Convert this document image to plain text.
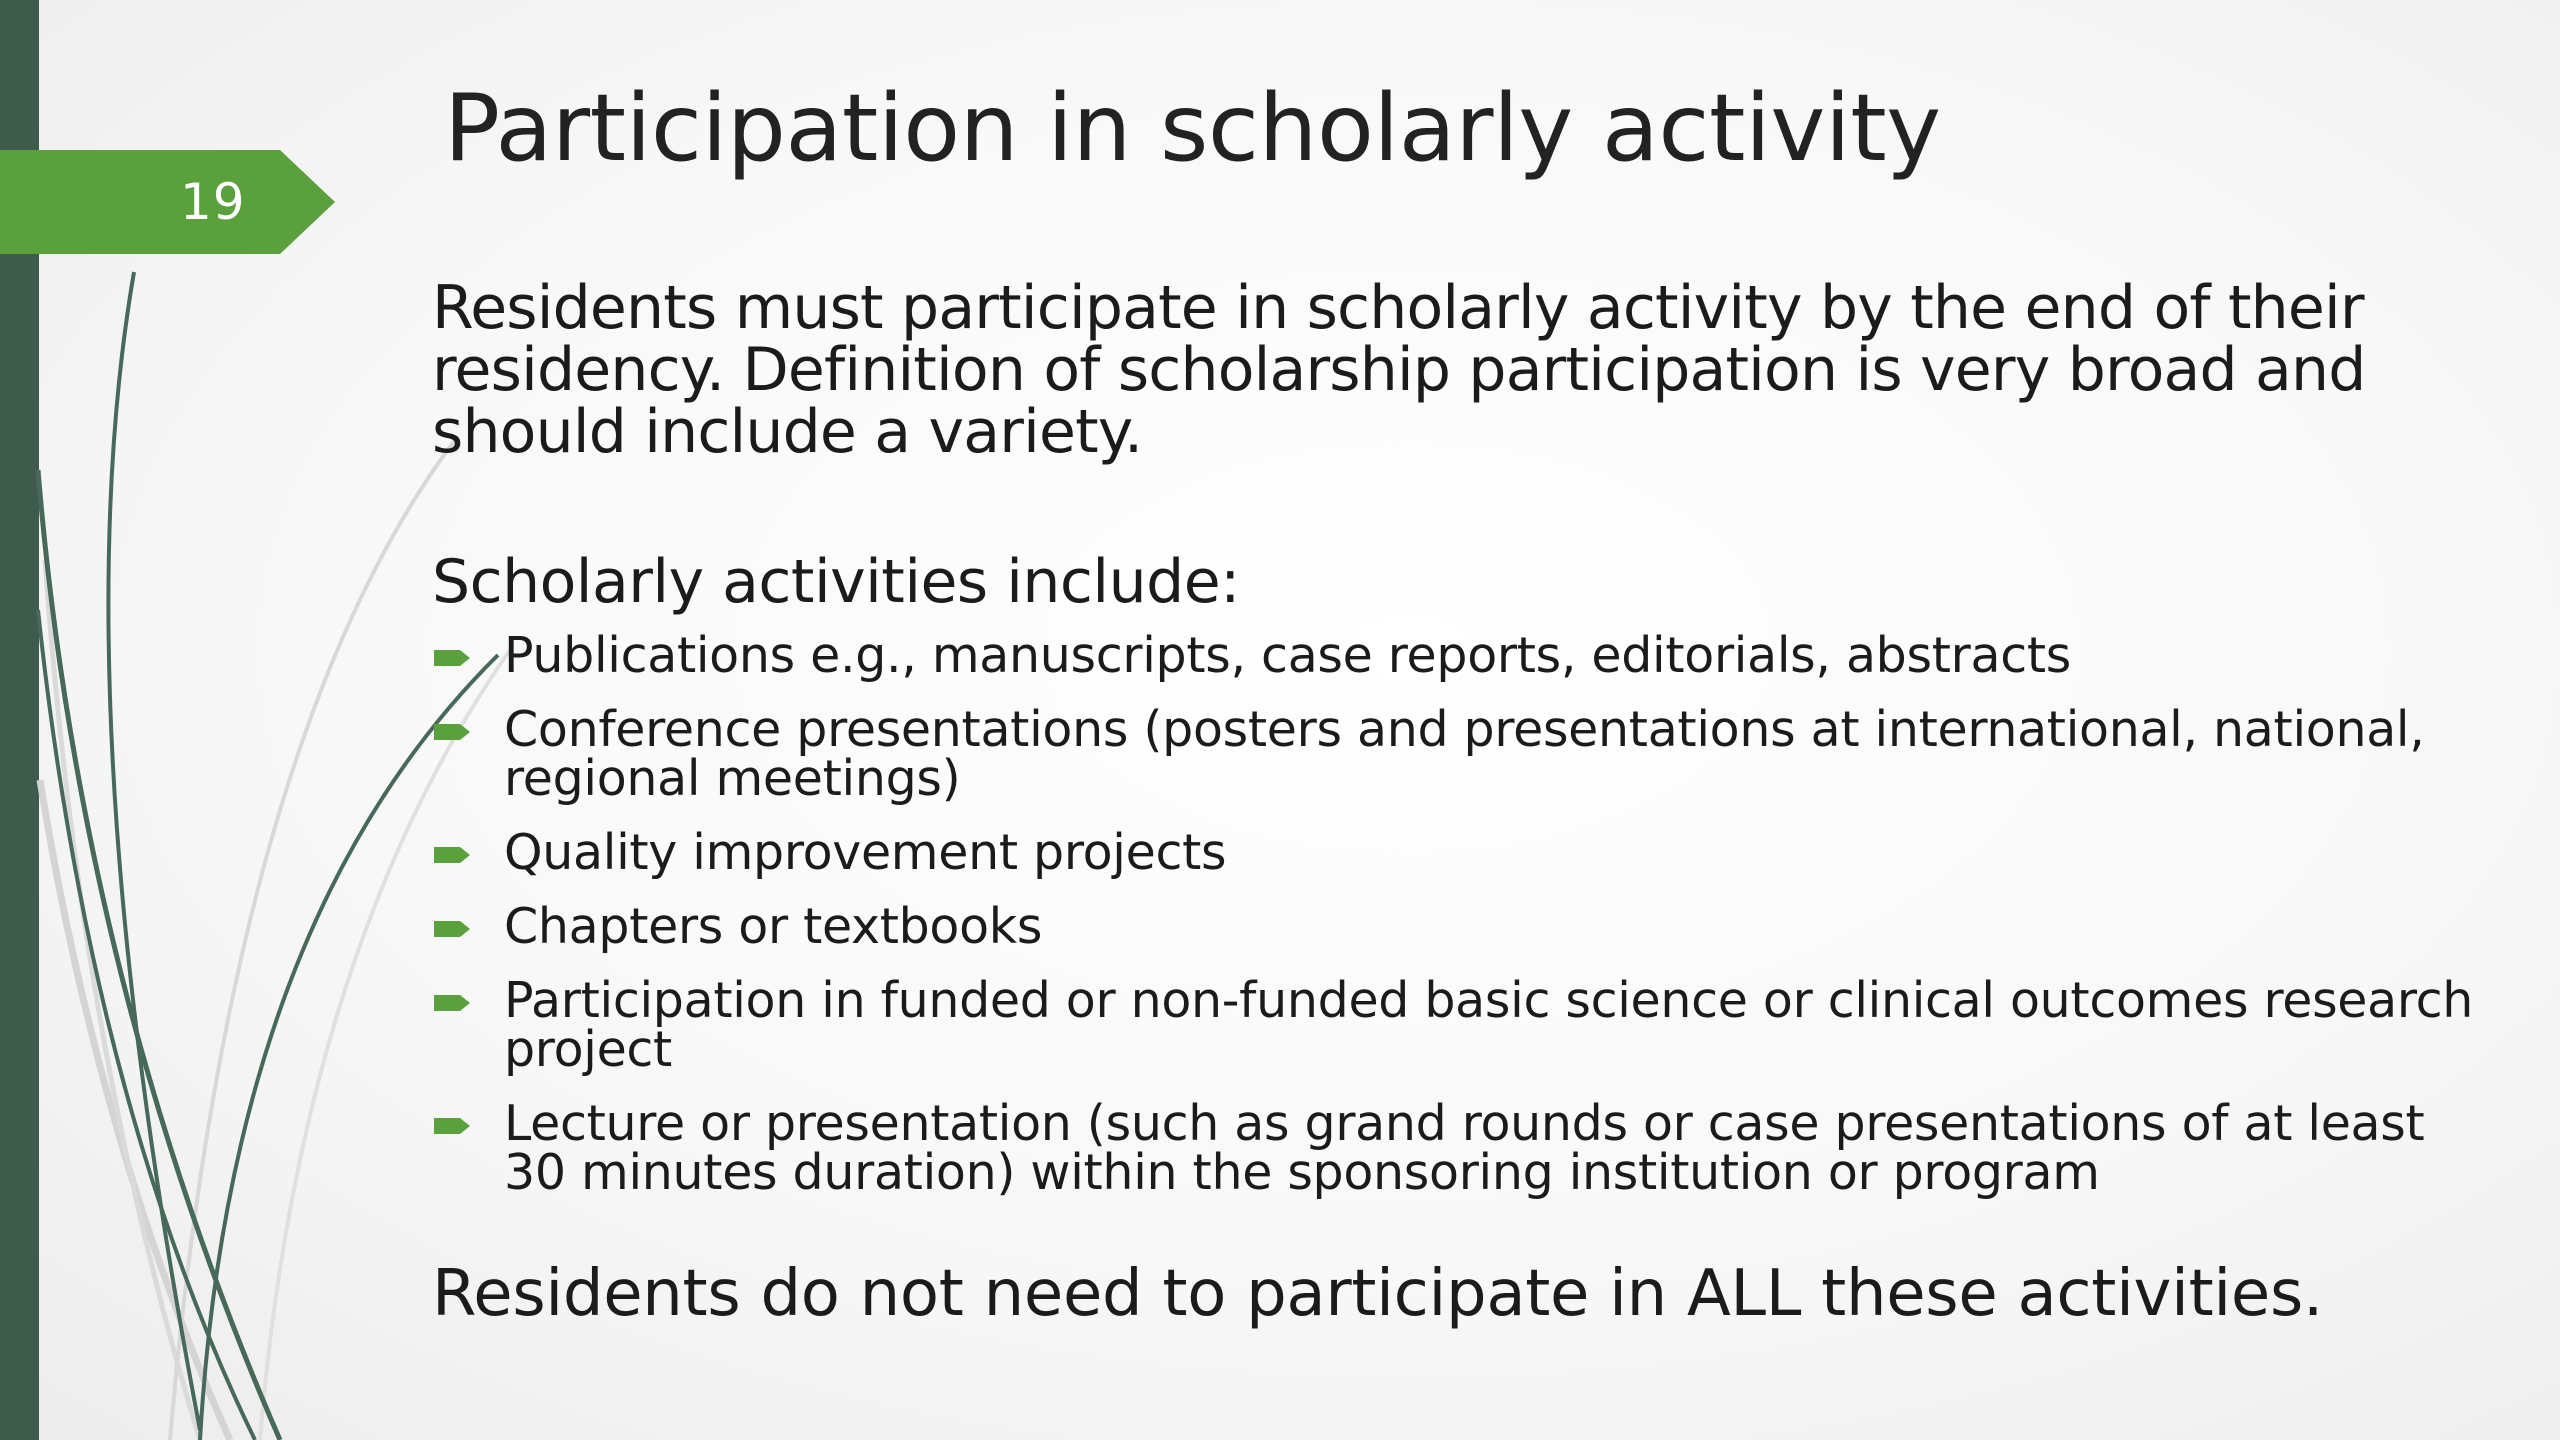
19
Participation in scholarly activity

Residents must participate in scholarly activity by the end of their residency. Definition of scholarship participation is very broad and should include a variety.

Scholarly activities include:

Publications e.g., manuscripts, case reports, editorials, abstracts
Conference presentations (posters and presentations at international, national, regional meetings)
Quality improvement projects
Chapters or textbooks
Participation in funded or non-funded basic science or clinical outcomes research project
Lecture or presentation (such as grand rounds or case presentations of at least 30 minutes duration) within the sponsoring institution or program

Residents do not need to participate in ALL these activities.
